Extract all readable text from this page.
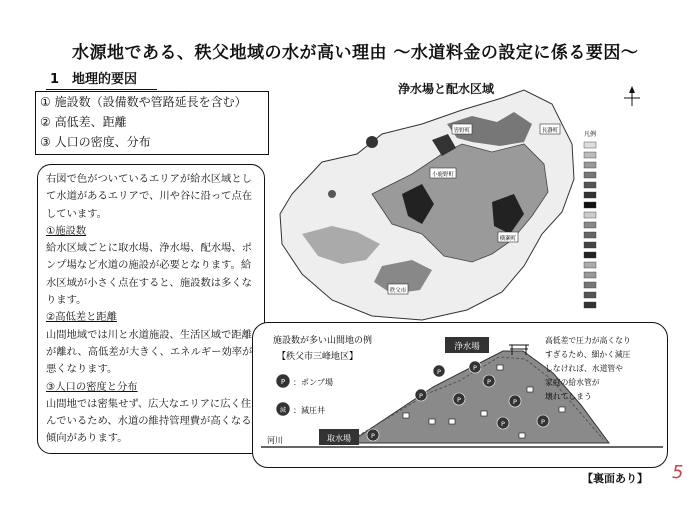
水源地である、秩父地域の水が高い理由 〜水道料金の設定に係る要因〜
1　地理的要因
① 施設数（設備数や管路延長を含む）
② 高低差、距離
③ 人口の密度、分布

右図で色がついているエリアが給水区域として水道があるエリアで、川や谷に沿って点在しています。

①施設数

給水区域ごとに取水場、浄水場、配水場、ポンプ場など水道の施設が必要となります。給水区域が小さく点在すると、施設数は多くなります。

②高低差と距離

山間地域では川と水道施設、生活区域で距離が離れ、高低差が大きく、エネルギー効率が悪くなります。

③人口の密度と分布

山間地では密集せず、広大なエリアに広く住んでいるため、水道の維持管理費が高くなる傾向があります。

小鹿野町
長瀞町
皆野町
横瀬町
秩父市
凡例
浄水場と配水区域
取水場
浄水場
河川
施設数が多い山間地の例
【秩父市三峰地区】
P ：ポンプ場
減 ：減圧井
P
P
P	P
P
P	P
P
P
高低差で圧力が高くなり すぎるため、細かく減圧 しなければ、水道管や 家庭の給水管が 壊れてしまう
【裏面あり】 5
